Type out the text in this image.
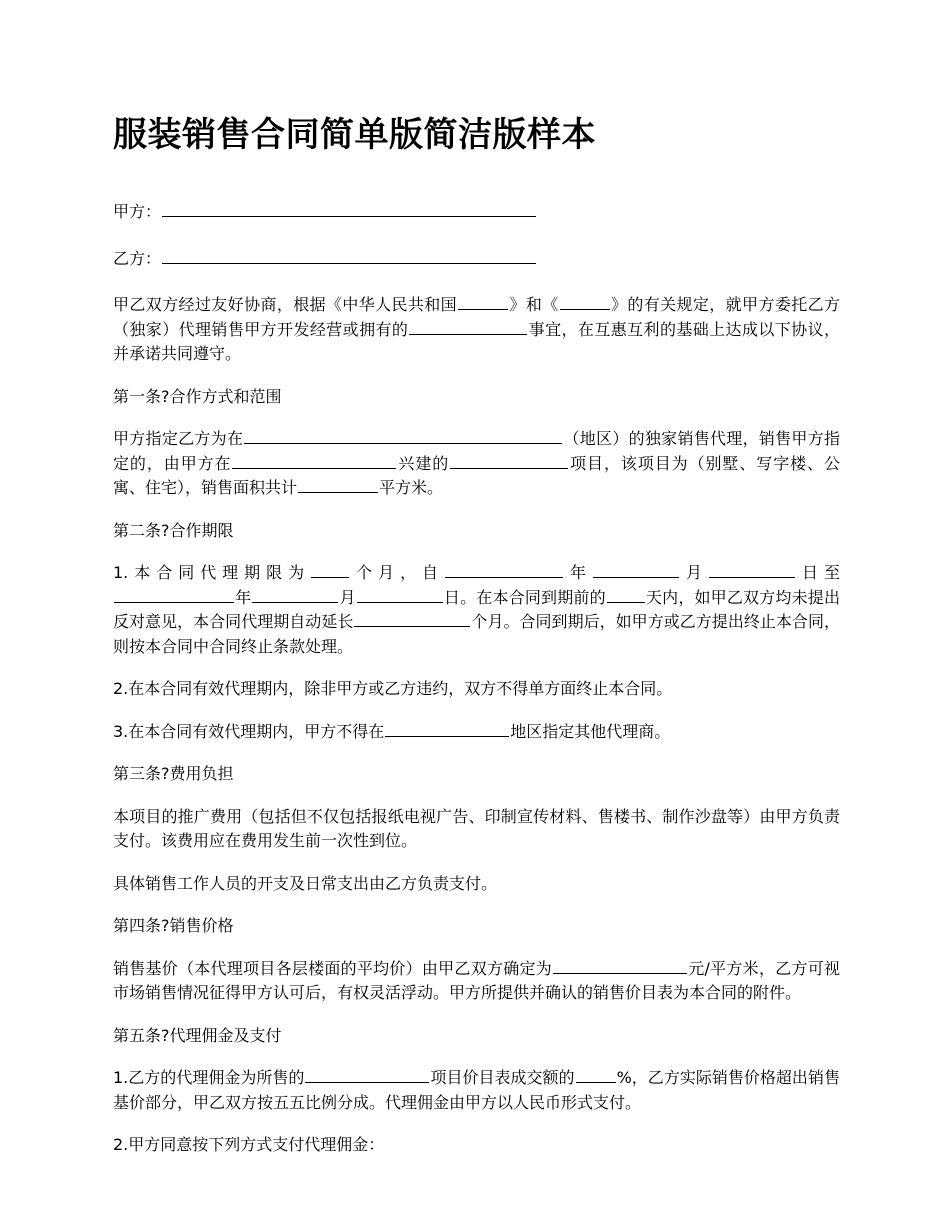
服装销售合同简单版简洁版样本

甲方：

乙方：

甲乙双方经过友好协商，根据《中华人民共和国	》和《	》的有关规定，就甲方委托乙方（独家）代理销售甲方开发经营或拥有的	事宜，在互惠互利的基础上达成以下协议，并承诺共同遵守。

第一条?合作方式和范围

甲方指定乙方为在	（地区）的独家销售代理，销售甲方指定的，由甲方在	兴建的	项目，该项目为（别墅、写字楼、公寓、住宅），销售面积共计	平方米。

第二条?合作期限

1.本合同代理期限为	个月，自	年	月	日至年	月	日。在本合同到期前的	天内，如甲乙双方均未提出反对意见，本合同代理期自动延长	个月。合同到期后，如甲方或乙方提出终止本合同，则按本合同中合同终止条款处理。

2.在本合同有效代理期内，除非甲方或乙方违约，双方不得单方面终止本合同。

3.在本合同有效代理期内，甲方不得在	地区指定其他代理商。

第三条?费用负担

本项目的推广费用（包括但不仅包括报纸电视广告、印制宣传材料、售楼书、制作沙盘等）由甲方负责支付。该费用应在费用发生前一次性到位。

具体销售工作人员的开支及日常支出由乙方负责支付。

第四条?销售价格

销售基价（本代理项目各层楼面的平均价）由甲乙双方确定为	元/平方米，乙方可视市场销售情况征得甲方认可后，有权灵活浮动。甲方所提供并确认的销售价目表为本合同的附件。

第五条?代理佣金及支付

1.乙方的代理佣金为所售的	项目价目表成交额的	%，乙方实际销售价格超出销售基价部分，甲乙双方按五五比例分成。代理佣金由甲方以人民币形式支付。

2.甲方同意按下列方式支付代理佣金：
